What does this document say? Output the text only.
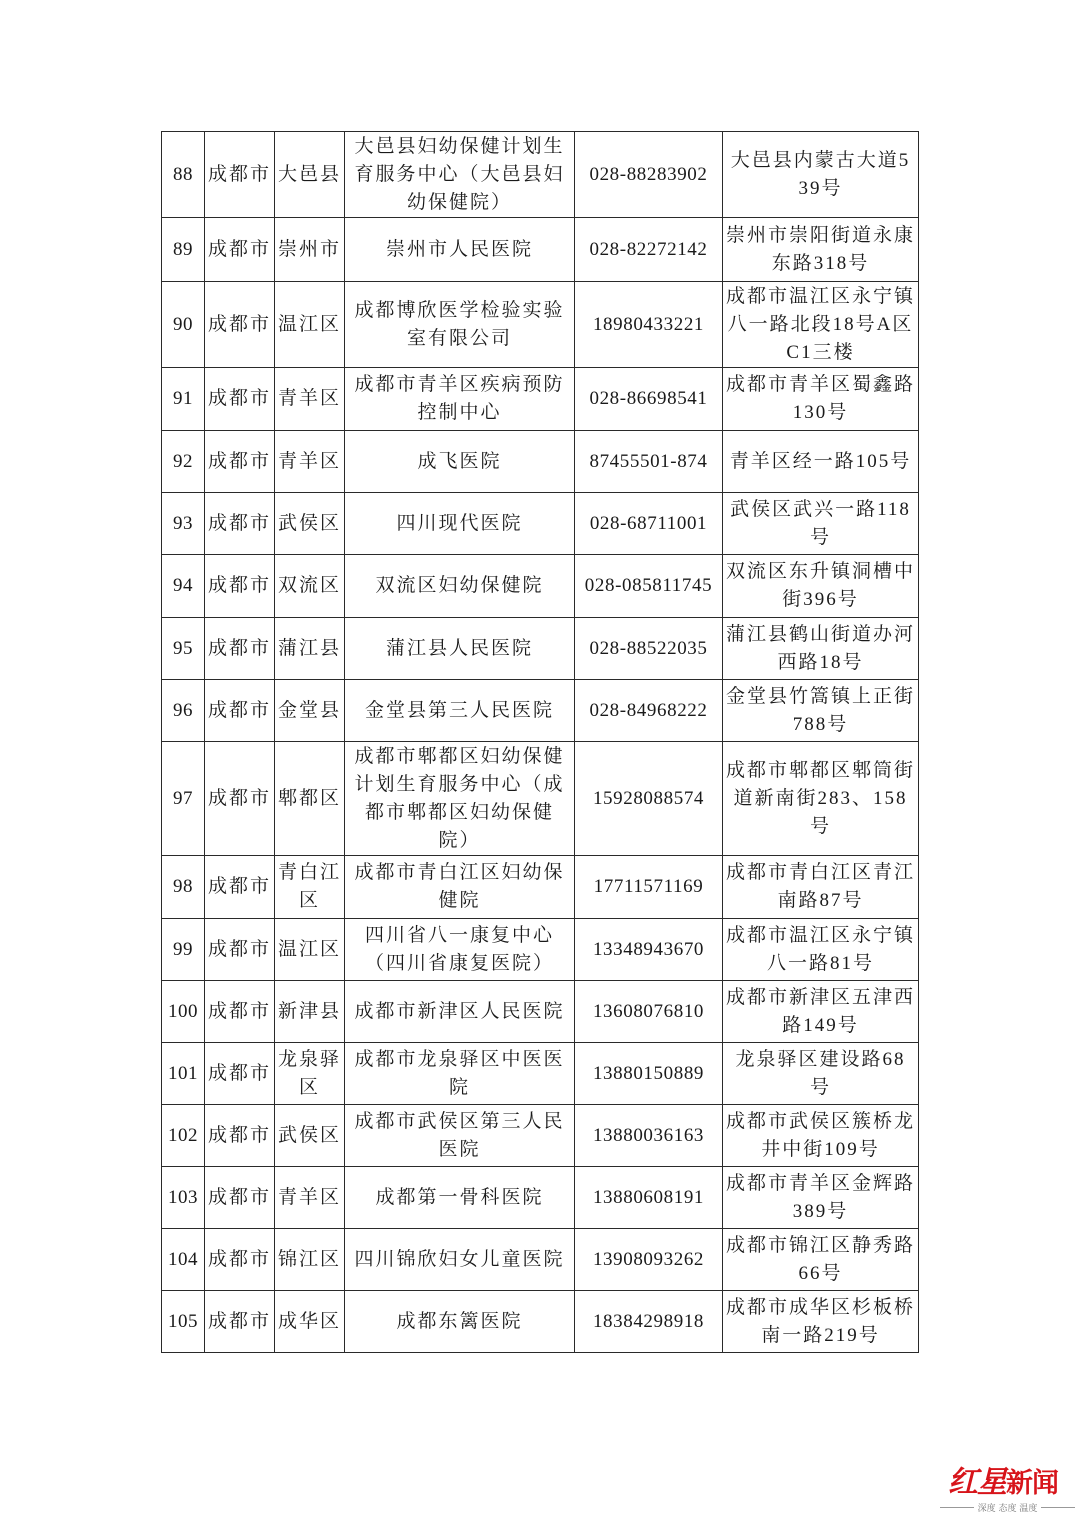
88	成都市	大邑县	大邑县妇幼保健计划生育服务中心（大邑县妇幼保健院）	028-88283902	大邑县内蒙古大道539号
89	成都市	崇州市	崇州市人民医院	028-82272142	崇州市崇阳街道永康东路318号
90	成都市	温江区	成都博欣医学检验实验室有限公司	18980433221	成都市温江区永宁镇八一路北段18号A区C1三楼
91	成都市	青羊区	成都市青羊区疾病预防控制中心	028-86698541	成都市青羊区蜀鑫路130号
92	成都市	青羊区	成飞医院	87455501-874	青羊区经一路105号
93	成都市	武侯区	四川现代医院	028-68711001	武侯区武兴一路118号
94	成都市	双流区	双流区妇幼保健院	028-085811745	双流区东升镇洞槽中街396号
95	成都市	蒲江县	蒲江县人民医院	028-88522035	蒲江县鹤山街道办河西路18号
96	成都市	金堂县	金堂县第三人民医院	028-84968222	金堂县竹篙镇上正街788号
97	成都市	郫都区	成都市郫都区妇幼保健计划生育服务中心（成都市郫都区妇幼保健院）	15928088574	成都市郫都区郫筒街道新南街283、158号
98	成都市	青白江区	成都市青白江区妇幼保健院	17711571169	成都市青白江区青江南路87号
99	成都市	温江区	四川省八一康复中心（四川省康复医院）	13348943670	成都市温江区永宁镇八一路81号
100	成都市	新津县	成都市新津区人民医院	13608076810	成都市新津区五津西路149号
101	成都市	龙泉驿区	成都市龙泉驿区中医医院	13880150889	龙泉驿区建设路68号
102	成都市	武侯区	成都市武侯区第三人民医院	13880036163	成都市武侯区簇桥龙井中街109号
103	成都市	青羊区	成都第一骨科医院	13880608191	成都市青羊区金辉路389号
104	成都市	锦江区	四川锦欣妇女儿童医院	13908093262	成都市锦江区静秀路66号
105	成都市	成华区	成都东篱医院	18384298918	成都市成华区杉板桥南一路219号
红星新闻
深度 态度 温度
